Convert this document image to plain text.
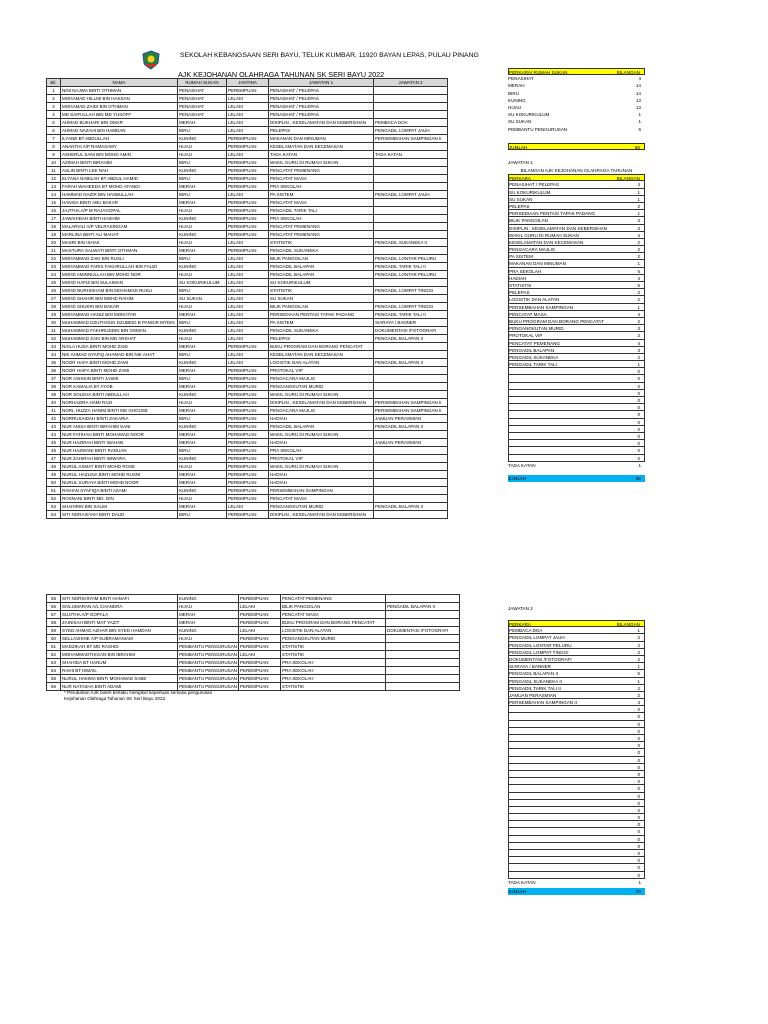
SEKOLAH KEBANGSAAN SERI BAYU, TELUK KUMBAR, 11920 BAYAN LEPAS, PULAU PINANG
AJK KEJOHANAN OLAHRAGA TAHUNAN SK SERI BAYU 2022
Bil.	NAMA	RUMAH SUKAN	JANTINA	JAWATAN 1	JAWATAN 2
1	NINI NAJWA BINTI OTHMAN	PENASIHAT	PEREMPUAN	PENASIHAT / PELEPAS	
2	MOHAMAD HILLMI BIN HASSAN	PENASIHAT	LELAKI	PENASIHAT / PELEPAS	
3	MOHAMAD ZAIDI BIN OTHMAN	PENASIHAT	LELAKI	PENASIHAT / PELEPAS	
4	MD SAIFULLAH BIN MD YUSOFF	PENASIHAT	LELAKI	PENASIHAT / PELEPAS	
5	AHMAD BUKHARI BIN OMAR	MERAH	LELAKI	DISIPLIN , KESELAMATAN DAN KEBERSIHAN	PEMBACA DOA
6	AHMAD NAZAHI BIN HAMDAN	BIRU	LELAKI	PELEPAS	PENGADIL LOMPAT JAUH
7	ILYANE BT ABDULLAH	KUNING	PEREMPUAN	MAKANAN DAN MINUMAN	PERSEMBAHAN SAMPINGAN II
8	ANANTHI A/P RAMASAMY	HIJAU	PEREMPUAN	KESELAMATAN DAN KECEMASAN	
9	ASHERUL SANI BIN MOHD AMIN	HIJAU	LELAKI	TADA KATAN	TADA KATAN
10	AZIMAH BINTI IBRAHIM	BIRU	PEREMPUAN	WAKIL GURU DI RUMAH SUKAN	
11	ASLIN BINTI LEE NAH	KUNING	PEREMPUAN	PENCATAT PEMENANG	
12	ELYANA NABILAH BT ABDUL HAMID	BIRU	PEREMPUAN	PENCATAT MASA	
13	FARAH WAHEEDA BT MOHD AFANDI	MERAH	PEREMPUAN	PRA SEKOLAH	
14	HAMMAD NAZIR BIN HASBULLAH	BIRU	LELAKI	PA SISTEM	PENGADIL LOMPAT JAUH
15	HANISA BINTI ABU BAKAR	MERAH	PEREMPUAN	PENCATAT MASA	
16	JAJITHA A/P M RAJAGOPAL	HIJAU	PEREMPUAN	PENGADIL TARIK TALI	
17	JAWAHIDAH BINTI HASHIM	KUNING	PEREMPUAN	PRA SEKOLAH	
18	MALARVILI A/P VELRASINGAM	HIJAU	PEREMPUAN	PENCATAT PEMENANG	
19	MARLINA BINTI ALI MAHAT	KUNING	PEREMPUAN	PENCATAT PEMENANG	
20	MASRI BIN ISHAK	HIJAU	LELAKI	STATISTIK	PENGADIL SUKANEKA II
21	MASTURA SALWATI BINTI OTHMAN	MERAH	PEREMPUAN	PENGADIL SUKANEKA	
22	MOHAMMAD ZAKI BIN RUSLI	BIRU	LELAKI	BILIK PANGGILAN	PENGADIL LONTAR PELURU
23	MOHAMMAD FARIS FAKHRULLAH BIN FAUZI	KUNING	LELAKI	PENGADIL BALAPAN	PENGADIL TARIK TALI II
24	MOHD AMINNULLAH BIN MOHD NOR	HIJAU	LELAKI	PENGADIL BALAPAN	PENGADIL LONTAR PELURU
25	MOHD HAFIZ BIN SULAIMAN	SU KOKURIKULUM	LELAKI	SU KOKURIKULUM	
26	MOHD NURHISHAM BIN MOHAMAD RUSLI	BIRU	LELAKI	STATISTIK	PENGADIL LOMPAT TINGGI
27	MOHD SHAHIR BIN MOHD RAHIM	SU SUKAN	LELAKI	SU SUKAN	
28	MOHD SHUKRI BIN BAKAR	HIJAU	LELAKI	BILIK PANGGILAN	PENGADIL LOMPAT TINGGI
29	MOHAMMAD HANIZ BIN MOKHTAR	MERAH	LELAKI	PERSEDIAAN PENTAS/ TAPAK PADANG	PENGADIL TARIK TALI II
30	MUHAMMAD DZUTHOUN DZUBEID B PANGIR MYDIN	BIRU	LELAKI	PA SISTEM	SIARAYA / BANNER
31	MUHAMMAD FAKHRUDDIN BIN OSMAN	KUNING	LELAKI	PENGADIL SUKANEKA	DOKUMENTASI /FOTOGRAFI
32	MUHAMMAD ZAKI BIN MD ARSHAT	HIJAU	LELAKI	PELEPAS	PENGADIL BALAPAN II
33	NAILA HUDA BINTI MOHD ZAID	MERAH	PEREMPUAN	BUKU PROGRAM DAN BORANG PENCATAT	
34	NIK AHMAD SYAFIQ AHAMAD BIN NIK AHAT	BIRU	LELAKI	KESELAMATAN DAN KECEMASAN	
35	NOOR HAFA BINTI MOHD ZAMI	KUNING	LELAKI	LOGISTIK DAN ALATAN	PENGADIL BALAPAN II
36	NOOR HAIFA BINTI MOHD ZAMI	MERAH	PEREMPUAN	PROTOKAL VIP	
37	NOR ASHIKIN BINTI JASMI	BIRU	PEREMPUAN	PENGACARA MAJLIS	
38	NOR KAMALIA BT AYOB	MERAH	PEREMPUAN	PENGANGKUTAN MURID	
39	NOR SOLEHA BINTI ABDULLAH	KUNING	PEREMPUAN	WAKIL GURU DI RUMAH SUKAN	
40	NORHAZIRA HAMI RAZI	HIJAU	PEREMPUAN	DISIPLIN , KESELAMATAN DAN KEBERSIHAN	PERSEMBAHAN SAMPINGAN II
41	NORL HUZZA HANIM BINTI MD GHOUSE	MERAH	PEREMPUAN	PENGACARA MAJLIS	PERSEMBAHAN SAMPINGAN II
42	NORRUSAIDAH BINTI ZAKARIA	BIRU	PEREMPUAN	HADIAH	JAMUAN PERASMIAN
43	NUR ANISA BINTI IBRAHIM SANI	KUNING	PEREMPUAN	PENGADIL BALAPAN	PENGADIL BALAPAN II
44	NUR FATIHAH BINTI MOHAMAD NOOR	MERAH	PEREMPUAN	WAKIL GURU DI RUMAH SUKAN	
45	NUR HAZIRAH BINTI WAHAB	MERAH	PEREMPUAN	HADIAH	JAMUAN PERASMIAN
46	NUR HAZWANI BINTI RADUAN	BIRU	PEREMPUAN	PRA SEKOLAH	
47	NUR ZAHIRAH BINTI WIWARA	KUNING	PEREMPUAN	PROTOKAL VIP	
48	NURUL ASMAT BINTI MOHD ROSE	HIJAU	PEREMPUAN	WAKIL GURU DI RUMAH SUKAN	
49	NURUL HAZLINA BINTI MOHD RUSNI	MERAH	PEREMPUAN	HADIAH	
50	NURUL SURAYA BINTI MOHD NOOR	MERAH	PEREMPUAN	HADIAH	
51	RAIHAN SYAFIQA BINTI AZAMI	KUNING	PEREMPUAN	PERSEMBAHAN SAMPINGAN	
52	ROSNANI BINTI MD. DIN	HIJAU	PEREMPUAN	PENCATAT MASA	
53	SHAHIRIN BIN SALIM	MERAH	LELAKI	PENGANGKUTAN MURID	PENGADIL BALAPAN II
54	SITI NORAISYAH BINTI DAUD	BIRU	PEREMPUAN	DISIPLIN , KESELAMATAN DAN KEBERSIHAN	
55	SITI NORSHIYAM BINTI HANAFI	KUNING	PEREMPUAN	PENCATAT PEMENANG	
56	SIVLUMARAN A/L CHANDRA	HIJAU	LELAKI	BILIK PANGGILAN	PENGADIL BALAPAN II
57	SUJITHA A/P GOPALA	MERAH	PEREMPUAN	PENCATAT MASA	
58	ZAINISAH BINTI MAT YAZIT	MERAH	PEREMPUAN	BUKU PROGRAM DAN BORANG PENCATAT	
59	SYED AHMAD AZHAR BIN SYED HAMDAN	KUNING	LELAKI	LOGISTIK DAN ALATAN	DOKUMENTASI /FOTOGRAFI
60	SELLASHINE A/P SUBRAMANIAM	HIJAU	PEREMPUAN	PENGANGKUTAN MURID	
61	MADZIKAH BT MD RASHID	PEMBANTU PENGURUSAN	PEREMPUAN	STATISTIK	
62	MOHAMMADTHIGAN BIN IBRAHIM	PEMBANTU PENGURUSAN	LELAKI	STATISTIK	
63	SHAHIDA BT HANUM	PEMBANTU PENGURUSAN	PEREMPUAN	PRA SEKOLAH	
64	RAIHI BT ISMAIL	PEMBANTU PENGURUSAN	PEREMPUAN	PRA SEKOLAH	
65	NURUL HAKIMA BINTI MOHAMAD SABE	PEMBANTU PENGURUSAN	PEREMPUAN	PRA SEKOLAH	
66	NUR NATASHA BINTI ADAMI	PEMBANTU PENGURUSAN	PEREMPUAN	STATISTIK	
* Perubahan AJK boleh berlaku mengikut keperluan semasa pengurusan Kejohanan Olahraga Tahunan SK Seri Bayu 2022.
PERKARA/ RUMAH SUKAN	BILANGAN
PENASIHAT	4
MERAH	14
BIRU	14
KUNING	13
HIJAU	13
SU KOKURIKULUM	1
SU SUKAN	1
PEMBANTU PENGURUSAN	6
JUMLAH	66
JAWATAN 1
BILANGAN AJK KEJOHANAN OLAHRAGA TAHUNAN
PERKARA	BILANGAN
PENASIHAT / PELEPAS	4
SU KOKURIKULUM	1
SU SUKAN	1
PELEPAS	2
PERSEDIAAN PENTAS/ TAPAK PADANG	1
BILIK PANGGILAN	3
DISIPLIN , KESELAMATAN DAN KEBERSIHAN	3
WAKIL GURU DI RUMAH SUKAN	4
KESELAMATAN DAN KECEMASAN	2
PENGACARA MAJLIS	2
PA SISTEM	2
MAKANAN DAN MINUMAN	1
PRA SEKOLAH	6
HADIAH	4
STATISTIK	5
PELEPAS	2
LOGISTIK DAN ALATAN	2
PERSEMBAHAN SAMPINGAN	1
PENCATAT MASA	4
BUKU PROGRAM DAN BORANG PENCATAT	2
PENGANGKUTAN MURID	3
PROTOKAL VIP	2
PENCATAT PEMENANG	4
PENGADIL BALAPAN	3
PENGADIL SUKANEKA	2
PENGADIL TARIK TALI	1
0
0
0
0
0
0
0
0
0
0
0
0
0
TADA KATAN	1
JUMLAH	66
JAWATAN 2
PERKARA	BILANGAN
PEMBACA DOA	1
PENGADIL LOMPAT JAUH	2
PENGADIL LONTAR PELURU	2
PENGADIL LOMPAT TINGGI	2
DOKUMENTASI /FOTOGRAFI	2
SIARAYA / BANNER	1
PENGADIL BALAPAN II	5
PENGADIL SUKANEKA II	1
PENGADIL TARIK TALI II	2
JAMUAN PERASMIAN	2
PERSEMBAHAN SAMPINGAN II	3
0
0
0
0
0
0
0
0
0
0
0
0
0
0
0
0
0
0
0
0
0
0
0
0
TADA KATAN	1
JUMLAH	20
